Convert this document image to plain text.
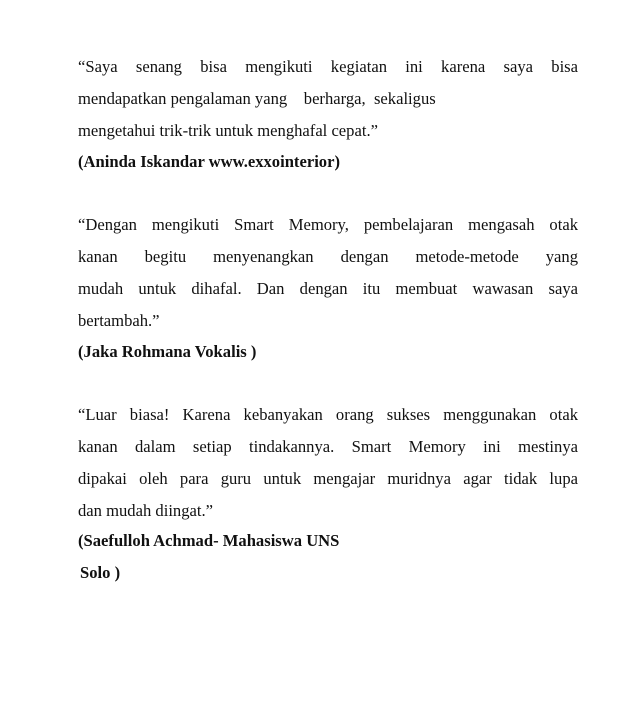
“Saya senang bisa mengikuti kegiatan ini karena saya bisa
mendapatkan pengalaman yang    berharga,  sekaligus
mengetahui trik-trik untuk menghafal cepat.”
(Aninda Iskandar www.exxointerior)
“Dengan mengikuti Smart Memory, pembelajaran mengasah otak
kanan begitu menyenangkan dengan metode-metode yang
mudah untuk dihafal. Dan dengan itu membuat wawasan saya
bertambah.”
(Jaka Rohmana Vokalis )
“Luar biasa! Karena kebanyakan orang sukses menggunakan otak
kanan dalam setiap tindakannya. Smart Memory ini mestinya
dipakai oleh para guru untuk mengajar muridnya agar tidak lupa
dan mudah diingat.”
(Saefulloh Achmad- Mahasiswa UNS
Solo )
